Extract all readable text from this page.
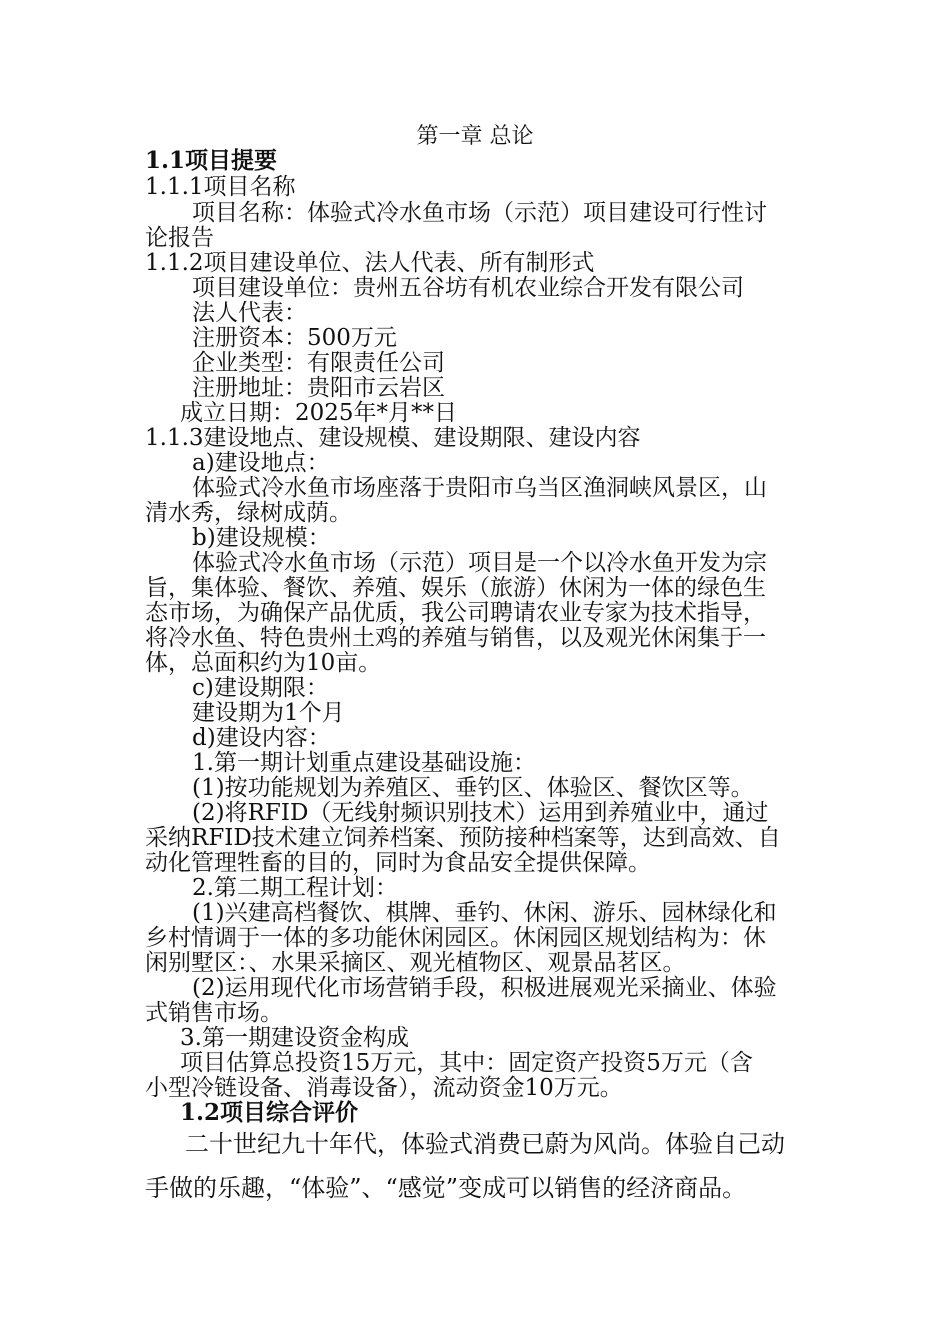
第一章 总论
1.1项目提要
1.1.1项目名称
项目名称：体验式冷水鱼市场（示范）项目建设可行性讨
论报告
1.1.2项目建设单位、法人代表、所有制形式
项目建设单位：贵州五谷坊有机农业综合开发有限公司
法人代表：
注册资本：500万元
企业类型：有限责任公司
注册地址：贵阳市云岩区
成立日期：2025年*月**日
1.1.3建设地点、建设规模、建设期限、建设内容
a)建设地点：
体验式冷水鱼市场座落于贵阳市乌当区渔洞峡风景区，山
清水秀，绿树成荫。
b)建设规模：
体验式冷水鱼市场（示范）项目是一个以冷水鱼开发为宗
旨，集体验、餐饮、养殖、娱乐（旅游）休闲为一体的绿色生
态市场，为确保产品优质，我公司聘请农业专家为技术指导，
将冷水鱼、特色贵州土鸡的养殖与销售，以及观光休闲集于一
体，总面积约为10亩。
c)建设期限：
建设期为1个月
d)建设内容：
1.第一期计划重点建设基础设施：
(1)按功能规划为养殖区、垂钓区、体验区、餐饮区等。
(2)将RFID（无线射频识别技术）运用到养殖业中，通过
采纳RFID技术建立饲养档案、预防接种档案等，达到高效、自
动化管理牲畜的目的，同时为食品安全提供保障。
2.第二期工程计划：
(1)兴建高档餐饮、棋牌、垂钓、休闲、游乐、园林绿化和
乡村情调于一体的多功能休闲园区。休闲园区规划结构为：休
闲别墅区：、水果采摘区、观光植物区、观景品茗区。
(2)运用现代化市场营销手段，积极进展观光采摘业、体验
式销售市场。
3.第一期建设资金构成
项目估算总投资15万元，其中：固定资产投资5万元（含
小型冷链设备、消毒设备），流动资金10万元。
1.2项目综合评价
二十世纪九十年代，体验式消费已蔚为风尚。体验自己动
手做的乐趣，“体验”、“感觉”变成可以销售的经济商品。
